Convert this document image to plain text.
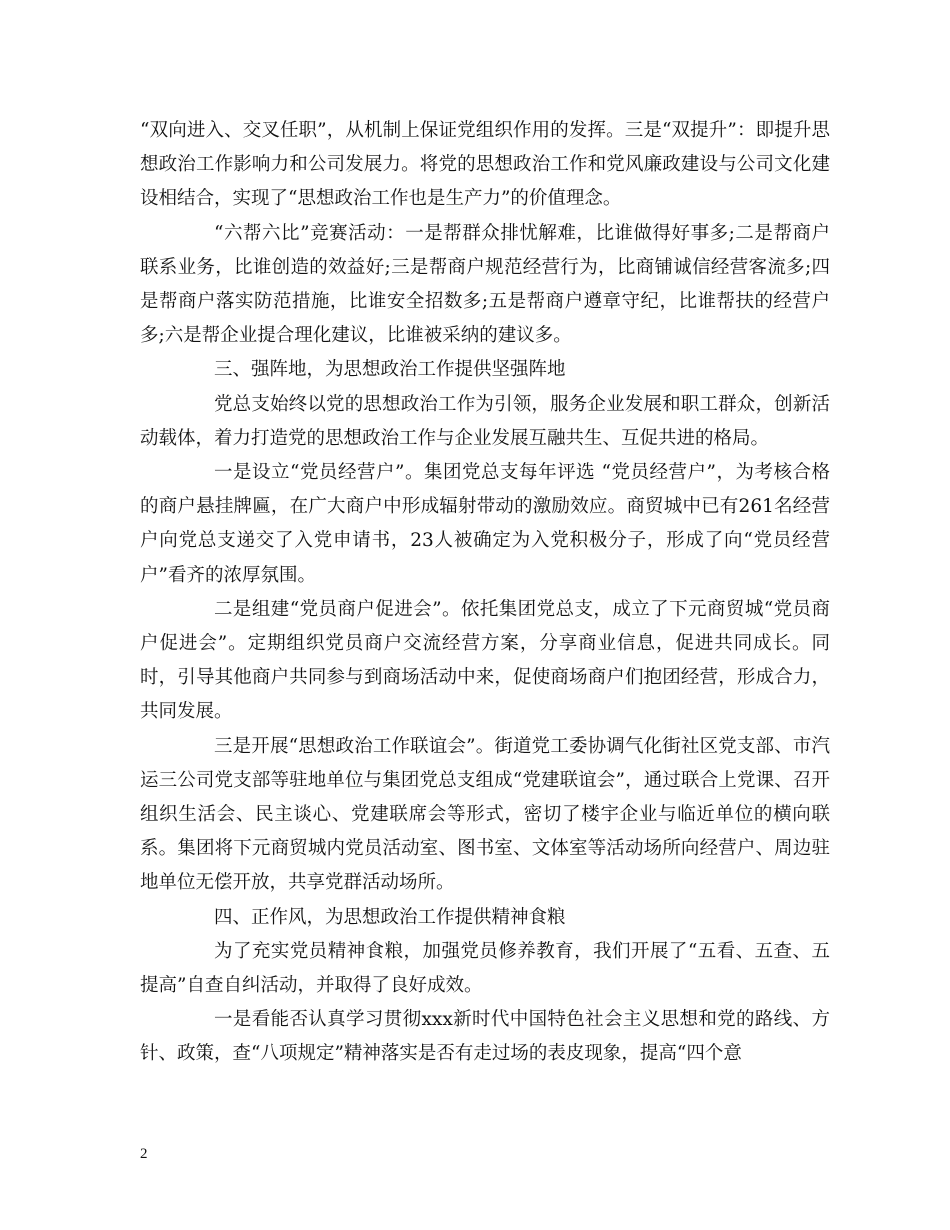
“双向进入、交叉任职”，从机制上保证党组织作用的发挥。三是“双提升”：即提升思想政治工作影响力和公司发展力。将党的思想政治工作和党风廉政建设与公司文化建设相结合，实现了“思想政治工作也是生产力”的价值理念。

“六帮六比”竞赛活动：一是帮群众排忧解难，比谁做得好事多;二是帮商户联系业务，比谁创造的效益好;三是帮商户规范经营行为，比商铺诚信经营客流多;四是帮商户落实防范措施，比谁安全招数多;五是帮商户遵章守纪，比谁帮扶的经营户多;六是帮企业提合理化建议，比谁被采纳的建议多。

三、强阵地，为思想政治工作提供坚强阵地

党总支始终以党的思想政治工作为引领，服务企业发展和职工群众，创新活动载体，着力打造党的思想政治工作与企业发展互融共生、互促共进的格局。

一是设立“党员经营户”。集团党总支每年评选 “党员经营户”，为考核合格的商户悬挂牌匾，在广大商户中形成辐射带动的激励效应。商贸城中已有261名经营户向党总支递交了入党申请书，23人被确定为入党积极分子，形成了向“党员经营户”看齐的浓厚氛围。

二是组建“党员商户促进会”。依托集团党总支，成立了下元商贸城“党员商户促进会”。定期组织党员商户交流经营方案，分享商业信息，促进共同成长。同时，引导其他商户共同参与到商场活动中来，促使商场商户们抱团经营，形成合力，共同发展。

三是开展“思想政治工作联谊会”。街道党工委协调气化街社区党支部、市汽运三公司党支部等驻地单位与集团党总支组成“党建联谊会”，通过联合上党课、召开组织生活会、民主谈心、党建联席会等形式，密切了楼宇企业与临近单位的横向联系。集团将下元商贸城内党员活动室、图书室、文体室等活动场所向经营户、周边驻地单位无偿开放，共享党群活动场所。

四、正作风，为思想政治工作提供精神食粮

为了充实党员精神食粮，加强党员修养教育，我们开展了“五看、五查、五提高”自查自纠活动，并取得了良好成效。

一是看能否认真学习贯彻xxx新时代中国特色社会主义思想和党的路线、方针、政策，查“八项规定”精神落实是否有走过场的表皮现象，提高“四个意

2
